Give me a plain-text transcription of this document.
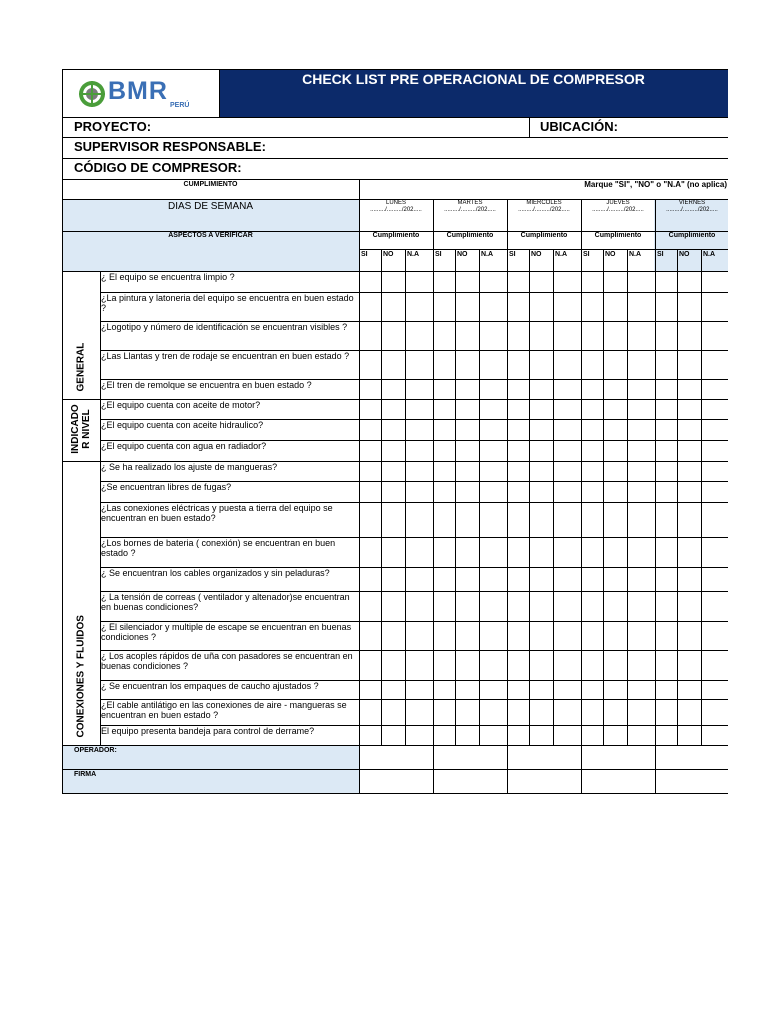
CHECK LIST PRE OPERACIONAL DE COMPRESOR
BMR
PERÚ
PROYECTO:	UBICACIÓN:
SUPERVISOR RESPONSABLE:
CÓDIGO DE COMPRESOR:
CUMPLIMIENTO	Marque "SI", "NO" o "N.A" (no aplica)
DIAS DE SEMANA
ASPECTOS A VERIFICAR
OPERADOR:
FIRMA
LUNES
........./........./202.....
Cumplimiento
SI NO N.A
MARTES
........./........./202.....
Cumplimiento
SI NO N.A
MIERCOLES
........./........./202.....
Cumplimiento
SI NO N.A
JUEVES
........./........./202.....
Cumplimiento
SI NO N.A
VIERNES
........./........./202.....
Cumplimiento
SI NO N.A
¿ El equipo se encuentra limpio ?
¿La pintura y latoneria del equipo se encuentra en buen estado ?
¿Logotipo y número de identificación se encuentran visibles ?
¿Las Llantas y tren de rodaje se encuentran en buen estado ?
¿El tren de remolque se encuentra en buen estado ?
¿El equipo cuenta con aceite de motor?
¿El equipo cuenta con aceite hidraulico?
¿El equipo cuenta con agua en radiador?
¿ Se ha realizado los ajuste de mangueras?
¿Se encuentran libres de fugas?
¿Las conexiones eléctricas y puesta a tierra del equipo se encuentran en buen estado?
¿Los bornes de bateria ( conexión) se encuentran en buen estado ?
¿ Se encuentran los cables organizados y sin peladuras?
¿ La tensión de correas ( ventilador y altenador)se encuentran en buenas condiciones?
¿ El silenciador y multiple de escape se encuentran en buenas condiciones ?
¿ Los acoples rápidos de uña con pasadores se encuentran en buenas condiciones ?
¿ Se encuentran los empaques de caucho ajustados ?
¿El cable antilátigo en las conexiones de aire - mangueras se encuentran en buen estado ?
El equipo presenta bandeja para control de derrame?
GENERAL
INDICADO
R NIVEL
CONEXIONES Y FLUIDOS
